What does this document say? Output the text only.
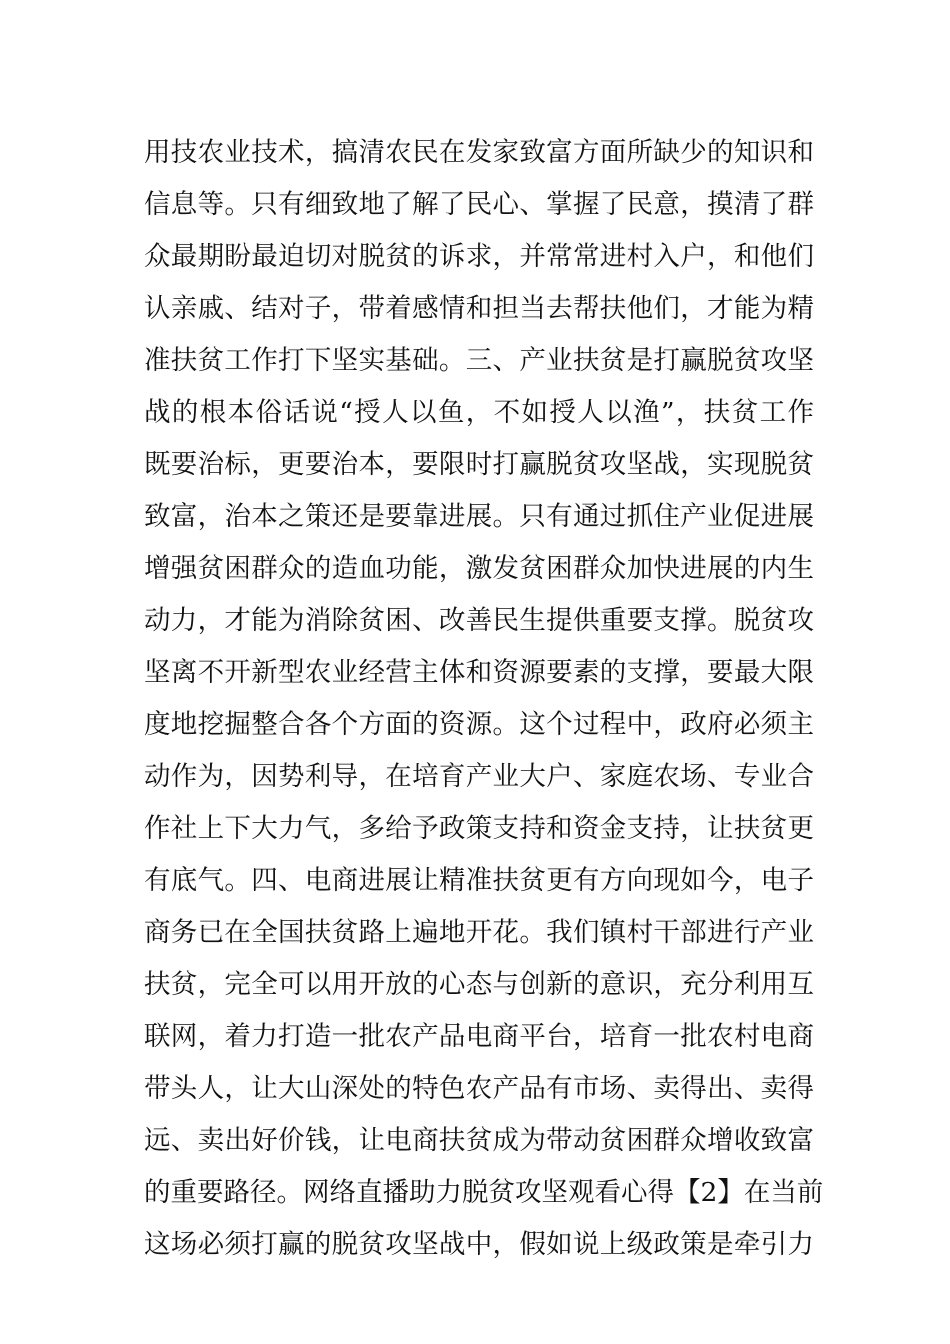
用技农业技术，搞清农民在发家致富方面所缺少的知识和
信息等。只有细致地了解了民心、掌握了民意，摸清了群
众最期盼最迫切对脱贫的诉求，并常常进村入户，和他们
认亲戚、结对子，带着感情和担当去帮扶他们，才能为精
准扶贫工作打下坚实基础。三、产业扶贫是打赢脱贫攻坚
战的根本俗话说“授人以鱼，不如授人以渔”，扶贫工作
既要治标，更要治本，要限时打赢脱贫攻坚战，实现脱贫
致富，治本之策还是要靠进展。只有通过抓住产业促进展
增强贫困群众的造血功能，激发贫困群众加快进展的内生
动力，才能为消除贫困、改善民生提供重要支撑。脱贫攻
坚离不开新型农业经营主体和资源要素的支撑，要最大限
度地挖掘整合各个方面的资源。这个过程中，政府必须主
动作为，因势利导，在培育产业大户、家庭农场、专业合
作社上下大力气，多给予政策支持和资金支持，让扶贫更
有底气。四、电商进展让精准扶贫更有方向现如今，电子
商务已在全国扶贫路上遍地开花。我们镇村干部进行产业
扶贫，完全可以用开放的心态与创新的意识，充分利用互
联网，着力打造一批农产品电商平台，培育一批农村电商
带头人，让大山深处的特色农产品有市场、卖得出、卖得
远、卖出好价钱，让电商扶贫成为带动贫困群众增收致富
的重要路径。网络直播助力脱贫攻坚观看心得【2】在当前
这场必须打赢的脱贫攻坚战中，假如说上级政策是牵引力
